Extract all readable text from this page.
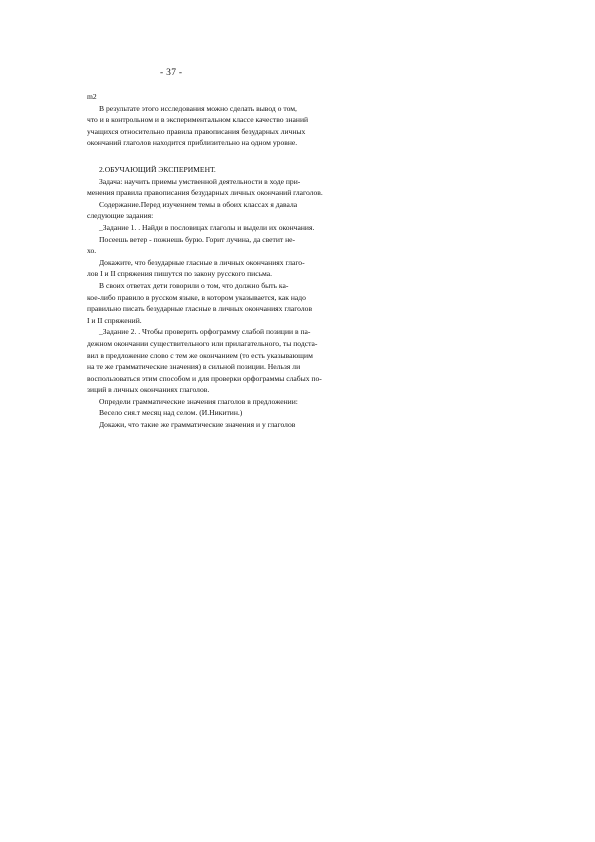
- 37 -
m2
В результате этого исследования можно сделать вывод о том,
что и в контрольном и в экспериментальном классе качество знаний
учащихся относительно правила правописания безударных личных
окончаний глаголов находится приблизительно на одном уровне.
2.ОБУЧАЮЩИЙ ЭКСПЕРИМЕНТ.
Задача: научить приемы умственной деятельности в ходе при-
менения правила правописания безударных личных окончаний глаголов.
Содержание.Перед изучением темы в обоих классах я давала
следующие задания:
_Задание 1. . Найди в пословицах глаголы и выдели их окончания.
Посеешь ветер - пожнешь бурю. Горит лучина, да светит не-
хо.
Докажите, что безударные гласные в личных окончаниях глаго-
лов I и II спряжения пишутся по закону русского письма.
В своих ответах дети говорили о том, что должно быть ка-
кое-либо правило в русском языке, в котором указывается, как надо
правильно писать безударные гласные в личных окончаниях глаголов
I и II спряжений.
_Задание 2. . Чтобы проверить орфограмму слабой позиции в па-
дежном окончании существительного или прилагательного, ты подста-
вил в предложение слово с тем же окончанием (то есть указывающим
на те же грамматические значения) в сильной позиции. Нельзя ли
воспользоваться этим способом и для проверки орфограммы слабых по-
зиций в личных окончаниях глаголов.
Определи грамматические значения глаголов в предложении:
Весело сия.т месяц над селом. (И.Никитин.)
Докажи, что такие же грамматические значения и у глаголов
